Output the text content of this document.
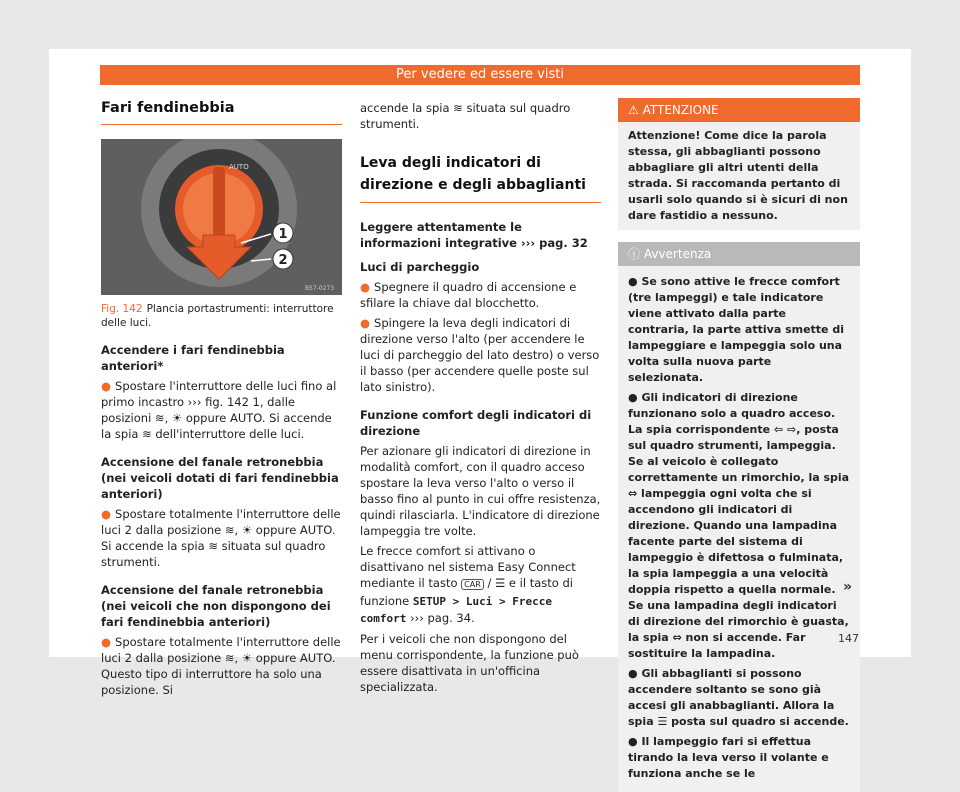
Per vedere ed essere visti
Fari fendinebbia
AUTO
1
2
B57-0273
Fig. 142 Plancia portastrumenti: interruttore delle luci.
Accendere i fari fendinebbia anteriori*
● Spostare l'interruttore delle luci fino al primo incastro ››› fig. 142 1, dalle posizioni ≋, ☀ oppure AUTO. Si accende la spia ≋ dell'interruttore delle luci.
Accensione del fanale retronebbia (nei veicoli dotati di fari fendinebbia anteriori)
● Spostare totalmente l'interruttore delle luci 2 dalla posizione ≋, ☀ oppure AUTO. Si accende la spia ≋ situata sul quadro strumenti.
Accensione del fanale retronebbia (nei veicoli che non dispongono dei fari fendinebbia anteriori)
● Spostare totalmente l'interruttore delle luci 2 dalla posizione ≋, ☀ oppure AUTO. Questo tipo di interruttore ha solo una posizione. Si

accende la spia ≋ situata sul quadro strumenti.

Leva degli indicatori di direzione e degli abbaglianti
Leggere attentamente le informazioni integrative ››› pag. 32
Luci di parcheggio
● Spegnere il quadro di accensione e sfilare la chiave dal blocchetto.
● Spingere la leva degli indicatori di direzione verso l'alto (per accendere le luci di parcheggio del lato destro) o verso il basso (per accendere quelle poste sul lato sinistro).
Funzione comfort degli indicatori di direzione

Per azionare gli indicatori di direzione in modalità comfort, con il quadro acceso spostare la leva verso l'alto o verso il basso fino al punto in cui offre resistenza, quindi rilasciarla. L'indicatore di direzione lampeggia tre volte.

Le frecce comfort si attivano o disattivano nel sistema Easy Connect mediante il tasto CAR / ☰ e il tasto di funzione SETUP > Luci > Frecce comfort ››› pag. 34.

Per i veicoli che non dispongono del menu corrispondente, la funzione può essere disattivata in un'officina specializzata.

⚠ ATTENZIONE
Attenzione! Come dice la parola stessa, gli abbaglianti possono abbagliare gli altri utenti della strada. Si raccomanda pertanto di usarli solo quando si è sicuri di non dare fastidio a nessuno.
ⓘ Avvertenza
● Se sono attive le frecce comfort (tre lampeggi) e tale indicatore viene attivato dalla parte contraria, la parte attiva smette di lampeggiare e lampeggia solo una volta sulla nuova parte selezionata.
● Gli indicatori di direzione funzionano solo a quadro acceso. La spia corrispondente ⇦ ⇨, posta sul quadro strumenti, lampeggia. Se al veicolo è collegato correttamente un rimorchio, la spia ⇔ lampeggia ogni volta che si accendono gli indicatori di direzione. Quando una lampadina facente parte del sistema di lampeggio è difettosa o fulminata, la spia lampeggia a una velocità doppia rispetto a quella normale. Se una lampadina degli indicatori di direzione del rimorchio è guasta, la spia ⇔ non si accende. Far sostituire la lampadina.
● Gli abbaglianti si possono accendere soltanto se sono già accesi gli anabbaglianti. Allora la spia ☰ posta sul quadro si accende.
● Il lampeggio fari si effettua tirando la leva verso il volante e funziona anche se le
»
147
